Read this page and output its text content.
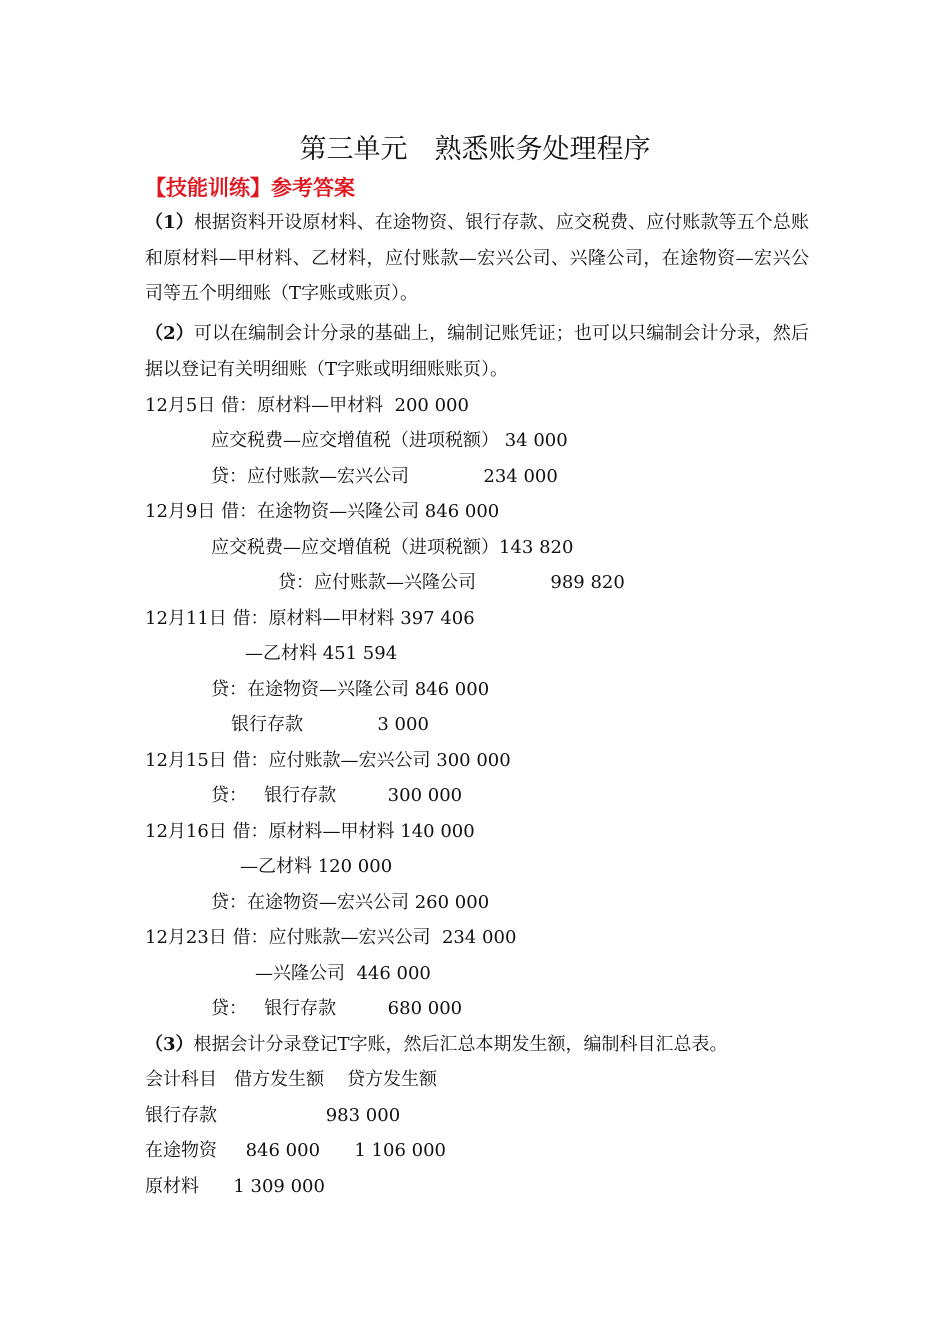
第三单元　熟悉账务处理程序
【技能训练】参考答案
（1）根据资料开设原材料、在途物资、银行存款、应交税费、应付账款等五个总账和原材料—甲材料、乙材料，应付账款—宏兴公司、兴隆公司，在途物资—宏兴公司等五个明细账（T字账或账页）。
（2）可以在编制会计分录的基础上，编制记账凭证；也可以只编制会计分录，然后据以登记有关明细账（T字账或明细账账页）。
12月5日 借：原材料—甲材料  200 000
应交税费—应交增值税（进项税额） 34 000
贷：应付账款—宏兴公司             234 000
12月9日 借：在途物资—兴隆公司 846 000
应交税费—应交增值税（进项税额）143 820
贷：应付账款—兴隆公司             989 820
12月11日 借：原材料—甲材料 397 406
—乙材料 451 594
贷：在途物资—兴隆公司 846 000
银行存款             3 000
12月15日 借：应付账款—宏兴公司 300 000
贷：   银行存款         300 000
12月16日 借：原材料—甲材料 140 000
—乙材料 120 000
贷：在途物资—宏兴公司 260 000
12月23日 借：应付账款—宏兴公司  234 000
—兴隆公司  446 000
贷：   银行存款         680 000
（3）根据会计分录登记T字账，然后汇总本期发生额，编制科目汇总表。
会计科目   借方发生额    贷方发生额
银行存款                   983 000
在途物资     846 000      1 106 000
原材料      1 309 000
